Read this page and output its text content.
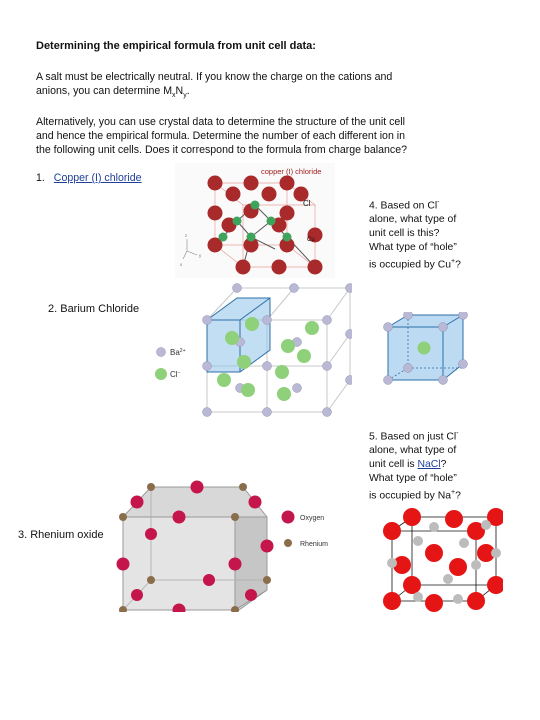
Determining the empirical formula from unit cell data:
A salt must be electrically neutral. If you know the charge on the cations and
anions, you can determine $M_xN_y$.
Alternatively, you can use crystal data to determine the structure of the unit cell
and hence the empirical formula. Determine the number of each different ion in
the following unit cells. Does it correspond to the formula from charge balance?
1. Copper (I) chloride
copper (I) chloride
Cl
Cu
z
y
x
4. Based on Cl-
alone, what type of
unit cell is this?
What type of “hole”
is occupied by Cu+?
2. Barium Chloride
$Ba^{2+}$
Cl−
5. Based on just Cl-
alone, what type of
unit cell is NaCl?
What type of “hole”
is occupied by Na+?
3. Rhenium oxide
Oxygen
Rhenium
